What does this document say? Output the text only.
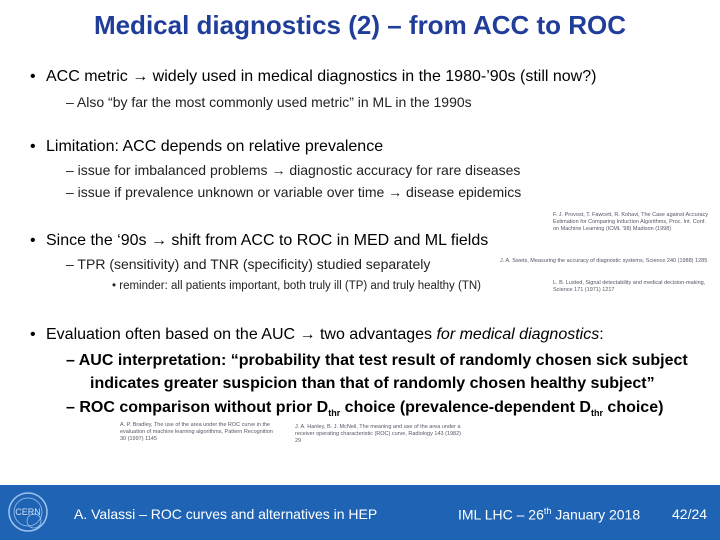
Medical diagnostics (2) – from ACC to ROC
• ACC metric → widely used in medical diagnostics in the 1980-’90s (still now?)
– Also “by far the most commonly used metric” in ML in the 1990s
• Limitation: ACC depends on relative prevalence
– issue for imbalanced problems → diagnostic accuracy for rare diseases
– issue if prevalence unknown or variable over time → disease epidemics
• Since the ‘90s → shift from ACC to ROC in MED and ML fields
– TPR (sensitivity) and TNR (specificity) studied separately
• reminder: all patients important, both truly ill (TP) and truly healthy (TN)
• Evaluation often based on the AUC → two advantages for medical diagnostics:
– AUC interpretation: “probability that test result of randomly chosen sick subject
indicates greater suspicion than that of randomly chosen healthy subject”
– ROC comparison without prior $D_{thr}$ choice (prevalence-dependent $D_{thr}$ choice)
F. J. Provost, T. Fawcett, R. Kohavi, The Case against Accuracy Estimation for Comparing Induction Algorithms, Proc. Int. Conf. on Machine Learning (ICML ’98) Madison (1998)
J. A. Swets, Measuring the accuracy of diagnostic systems, Science 240 (1988) 1285
L. B. Lusted, Signal detectability and medical decision-making, Science 171 (1971) 1217
A. P. Bradley, The use of the area under the ROC curve in the evaluation of machine learning algorithms, Pattern Recognition 30 (1997) 1145
J. A. Hanley, B. J. McNeil, The meaning and use of the area under a receiver operating characteristic (ROC) curve, Radiology 143 (1982) 29
CERN A. Valassi – ROC curves and alternatives in HEP	IML LHC – 26th January 2018 42/24
